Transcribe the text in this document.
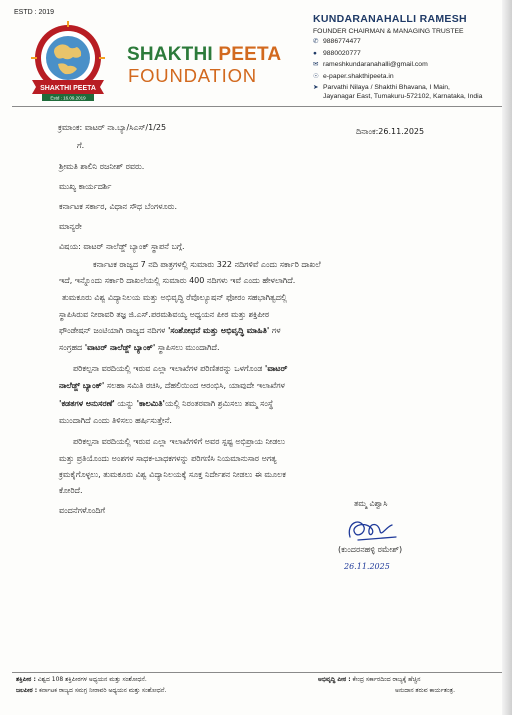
ESTD : 2019
SHAKTHI PEETA
Estd : 16.09.2019
SHAKTHI PEETA
FOUNDATION
KUNDARANAHALLI RAMESH
FOUNDER CHAIRMAN & MANAGING TRUSTEE
✆ 9886774477
● 9880020777
✉ rameshkundaranahalli@gmail.com
☉ e-paper.shakthipeeta.in
➤ Parvathi Nilaya / Shakthi Bhavana, I Main,
Jayanagar East, Tumakuru-572102, Karnataka, India
ಕ್ರಮಾಂಕ: ವಾಟರ್ ನಾ.ಬ್ಯಾ/ಸಿಎಸ್/1/25	ದಿನಾಂಕ:26.11.2025
ಗೆ.
ಶ್ರೀಮತಿ ಶಾಲಿನಿ ರಜನೀಶ್ ರವರು.
ಮುಖ್ಯ ಕಾರ್ಯದರ್ಶಿ
ಕರ್ನಾಟಕ ಸರ್ಕಾರ, ವಿಧಾನ ಸೌಧ ಬೆಂಗಳೂರು.
ಮಾನ್ಯರೇ
ವಿಷಯ: ವಾಟರ್ ನಾಲೆಡ್ಜ್ ಬ್ಯಾಂಕ್ ಸ್ಥಾಪನೆ ಬಗ್ಗೆ.
ಕರ್ನಾಟಕ ರಾಜ್ಯದ 7 ನದಿ ಪಾತ್ರಗಳಲ್ಲಿ ಸುಮಾರು 322 ನದಿಗಳಿವೆ ಎಂದು ಸರ್ಕಾರಿ ದಾಖಲೆ
ಇದೆ, ಇನ್ನೊಂದು ಸರ್ಕಾರಿ ದಾಖಲೆಯಲ್ಲಿ ಸುಮಾರು 400 ನದಿಗಳು ಇವೆ ಎಂದು ಹೇಳಲಾಗಿದೆ.
ತುಮಕೂರು ವಿಶ್ವ ವಿದ್ಯಾನಿಲಯ ಮತ್ತು ಅಭಿವೃದ್ಧಿ ರೆವೊಲ್ಯೂಷನ್ ಫೋರಂ ಸಹಭಾಗಿತ್ವದಲ್ಲಿ
ಸ್ಥಾಪಿಸಿರುವ ನೀರಾವರಿ ತಜ್ಞ ಜಿ.ಎಸ್.ಪರಮಶಿವಯ್ಯ ಅಧ್ಯಯನ ಪೀಠ ಮತ್ತು ಶಕ್ತಿಪೀಠ
ಫೌಂಡೇಷನ್ ಜಂಟಿಯಾಗಿ ರಾಜ್ಯದ ನದಿಗಳ 'ಸಂಶೋಧನೆ ಮತ್ತು ಅಭಿವೃದ್ಧಿ ಮಾಹಿತಿ' ಗಳ
ಸಂಗ್ರಹದ 'ವಾಟರ್ ನಾಲೆಡ್ಜ್ ಬ್ಯಾಂಕ್' ಸ್ಥಾಪಿಸಲು ಮುಂದಾಗಿದೆ.
ಪರಿಕಲ್ಪನಾ ವರದಿಯಲ್ಲಿ ಇರುವ ಎಲ್ಲಾ ಇಲಾಖೆಗಳ ಪರಿಣಿತರನ್ನು ಒಳಗೊಂಡ 'ವಾಟರ್
ನಾಲೆಡ್ಜ್ ಬ್ಯಾಂಕ್' ಸಲಹಾ ಸಮಿತಿ ರಚಿಸಿ, ದೆಹಲಿಯಿಂದ ಆರಂಭಿಸಿ, ಯಾವುದೇ ಇಲಾಖೆಗಳ
'ಕಡತಗಳ ಅನುಸರಣೆ' ಯನ್ನು 'ಕಾಲಮಿತಿ'ಯಲ್ಲಿ ನಿರಂತರವಾಗಿ ಶ್ರಮಿಸಲು ತಮ್ಮ ಸಂಸ್ಥೆ
ಮುಂದಾಗಿದೆ ಎಂದು ತಿಳಿಸಲು ಹರ್ಷಿಸುತ್ತೇನೆ.
ಪರಿಕಲ್ಪನಾ ವರದಿಯಲ್ಲಿ ಇರುವ ಎಲ್ಲಾ ಇಲಾಖೆಗಳಿಗೆ ಅವರ ಸ್ಪಷ್ಟ ಅಭಿಪ್ರಾಯ ನೀಡಲು
ಮತ್ತು ಪ್ರತಿಯೊಂದು ಅಂಶಗಳ ಸಾಧಕ-ಬಾಧಕಗಳನ್ನು ಪರಿಗಣಿಸಿ ನಿಯಮಾನುಸಾರ ಅಗತ್ಯ
ಕ್ರಮಕೈಗೊಳ್ಳಲು, ತುಮಕೂರು ವಿಶ್ವ ವಿದ್ಯಾನಿಲಯಕ್ಕೆ ಸೂಕ್ತ ನಿರ್ದೇಶನ ನೀಡಲು ಈ ಮೂಲಕ
ಕೋರಿದೆ.
ವಂದನೆಗಳೊಂದಿಗೆ
ತಮ್ಮ ವಿಶ್ವಾಸಿ
(ಕುಂದರನಹಳ್ಳಿ ರಮೇಶ್)
26.11.2025
ಶಕ್ತಿಪೀಠ : ವಿಶ್ವದ 108 ಶಕ್ತಿಪೀಠಗಳ ಅಧ್ಯಯನ ಮತ್ತು ಸಂಶೋಧನೆ.
ಜಲಪೀಠ : ಕರ್ನಾಟಕ ರಾಜ್ಯದ ಸಮಗ್ರ ನೀರಾವರಿ ಅಧ್ಯಯನ ಮತ್ತು ಸಂಶೋಧನೆ.
ಅಭಿವೃದ್ಧಿ ಪೀಠ : ಕೇಂದ್ರ ಸರ್ಕಾರದಿಂದ ರಾಜ್ಯಕ್ಕೆ ಹೆಚ್ಚಿನ
ಅನುದಾನ ತರುವ ಕಾರ್ಯತಂತ್ರ.
